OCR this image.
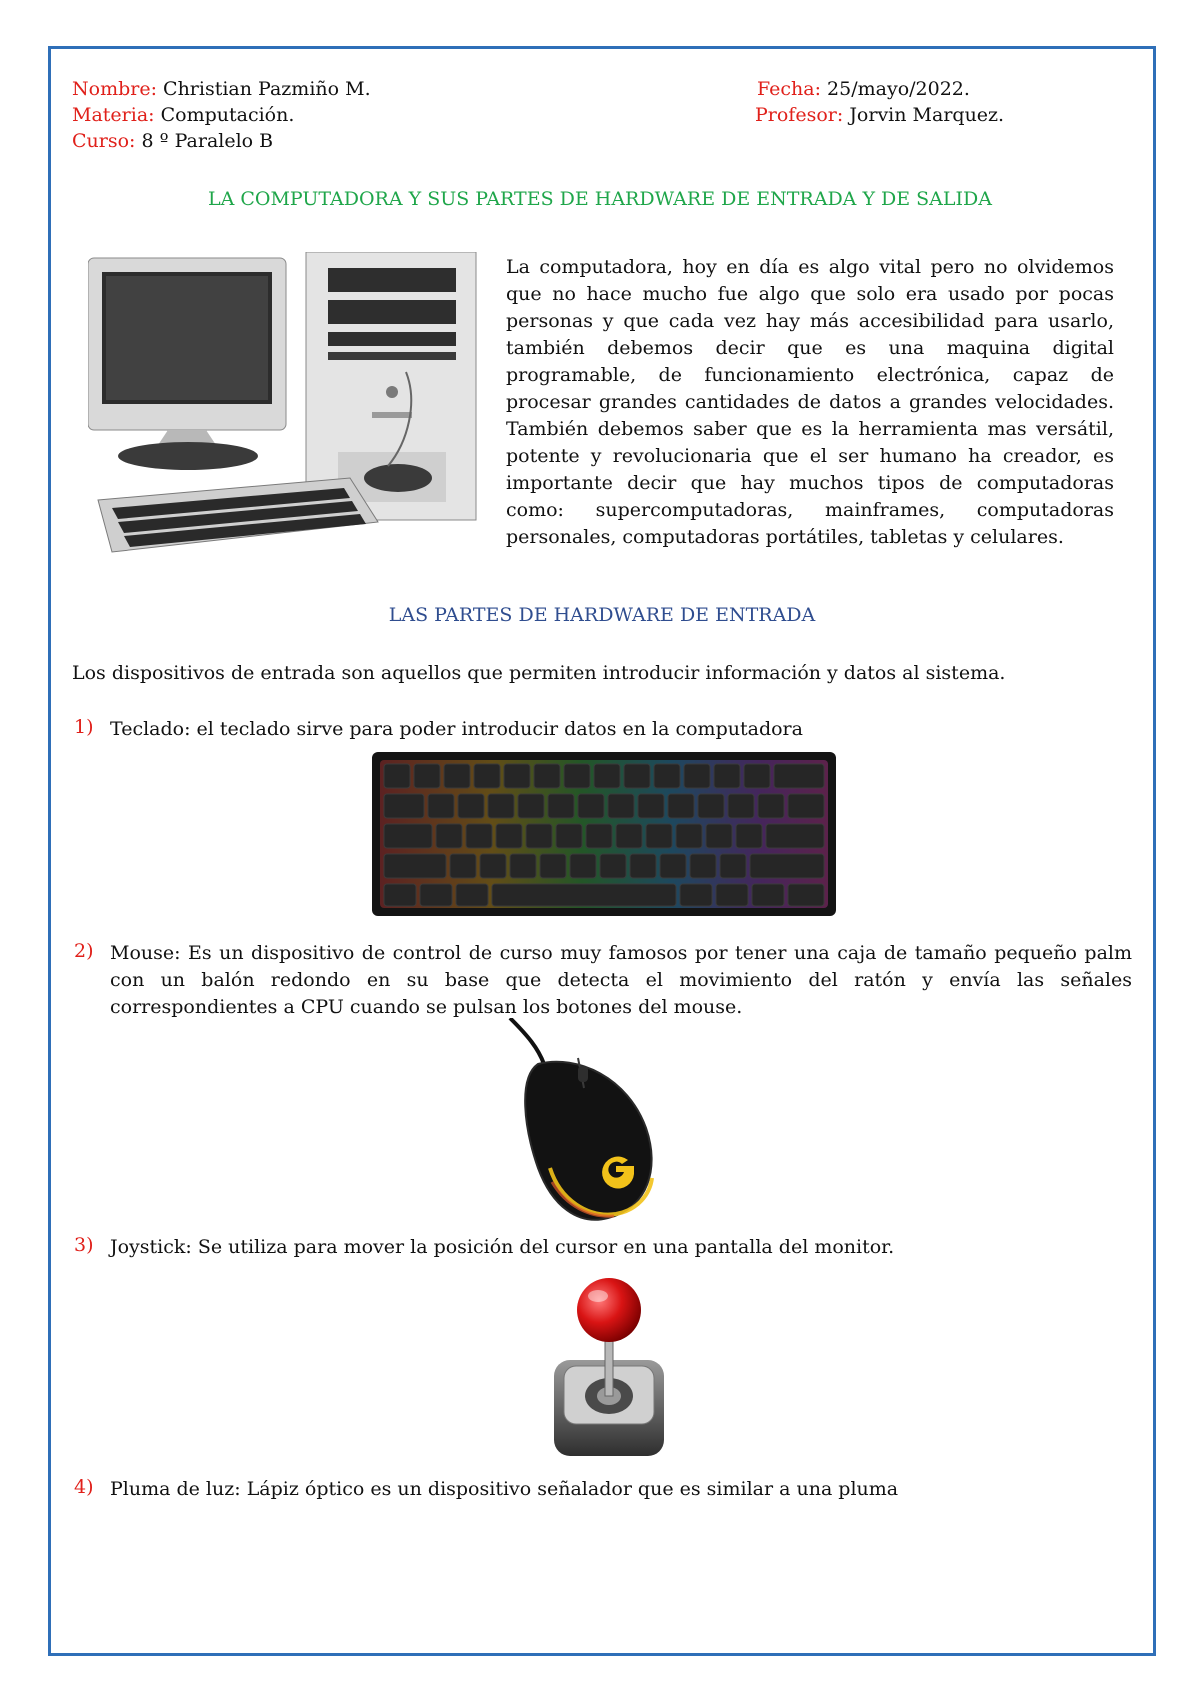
Nombre: Christian Pazmiño M.
Materia: Computación.
Curso: 8 º Paralelo B
Fecha: 25/mayo/2022.
Profesor: Jorvin Marquez.
LA COMPUTADORA Y SUS PARTES DE HARDWARE DE ENTRADA Y DE SALIDA
La computadora, hoy en día es algo vital pero no olvidemos que no hace mucho fue algo que solo era usado por pocas personas y que cada vez hay más accesibilidad para usarlo, también debemos decir que es una maquina digital programable, de funcionamiento electrónica, capaz de procesar grandes cantidades de datos a grandes velocidades. También debemos saber que es la herramienta mas versátil, potente y revolucionaria que el ser humano ha creador, es importante decir que hay muchos tipos de computadoras como: supercomputadoras, mainframes, computadoras personales, computadoras portátiles, tabletas y celulares.
LAS PARTES DE HARDWARE DE ENTRADA
Los dispositivos de entrada son aquellos que permiten introducir información y datos al sistema.
1) Teclado: el teclado sirve para poder introducir datos en la computadora
2) Mouse: Es un dispositivo de control de curso muy famosos por tener una caja de tamaño pequeño palm con un balón redondo en su base que detecta el movimiento del ratón y envía las señales correspondientes a CPU cuando se pulsan los botones del mouse.
3) Joystick: Se utiliza para mover la posición del cursor en una pantalla del monitor.
4) Pluma de luz: Lápiz óptico es un dispositivo señalador que es similar a una pluma
